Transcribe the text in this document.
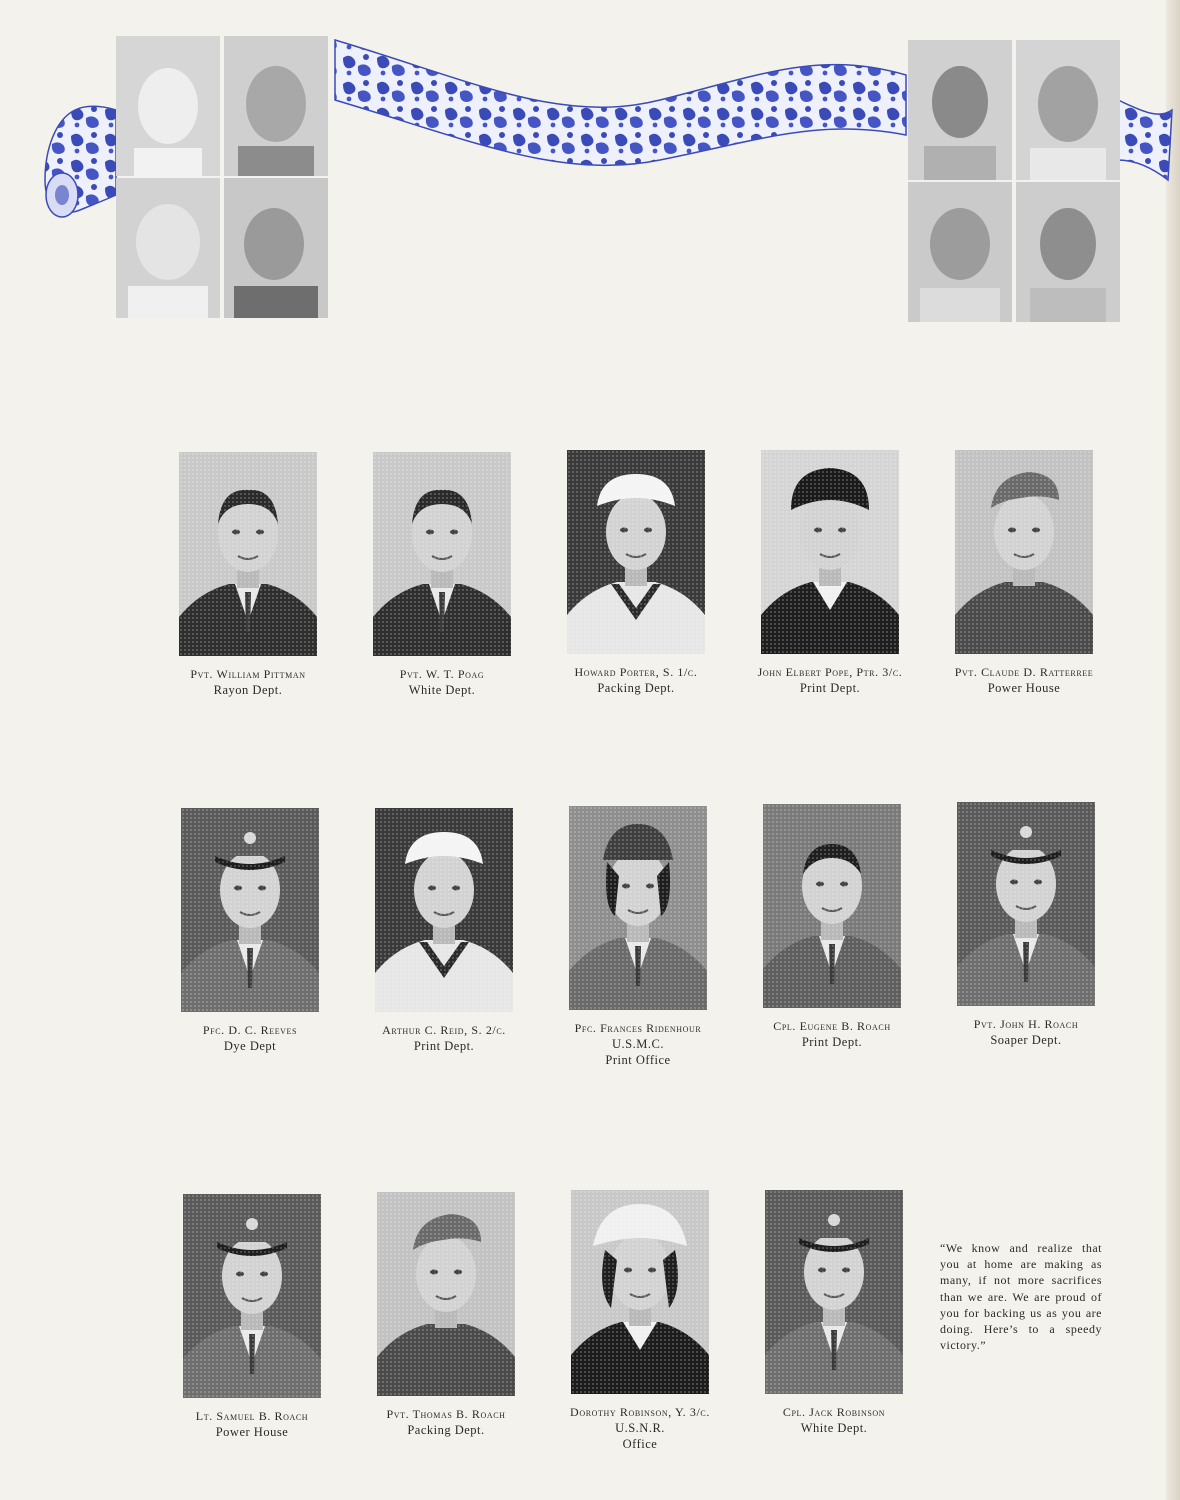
Pvt. William Pittman
Rayon Dept.
Pvt. W. T. Poag
White Dept.
Howard Porter, S. 1/c.
Packing Dept.
John Elbert Pope, Ptr. 3/c.
Print Dept.
Pvt. Claude D. Ratterree
Power House
Pfc. D. C. Reeves
Dye Dept
Arthur C. Reid, S. 2/c.
Print Dept.
Pfc. Frances Ridenhour
U.S.M.C.
Print Office
Cpl. Eugene B. Roach
Print Dept.
Pvt. John H. Roach
Soaper Dept.
Lt. Samuel B. Roach
Power House
Pvt. Thomas B. Roach
Packing Dept.
Dorothy Robinson, Y. 3/c.
U.S.N.R.
Office
Cpl. Jack Robinson
White Dept.
“We know and realize that you at home are making as many, if not more sacrifices than we are. We are proud of you for backing us as you are doing. Here’s to a speedy victory.”
